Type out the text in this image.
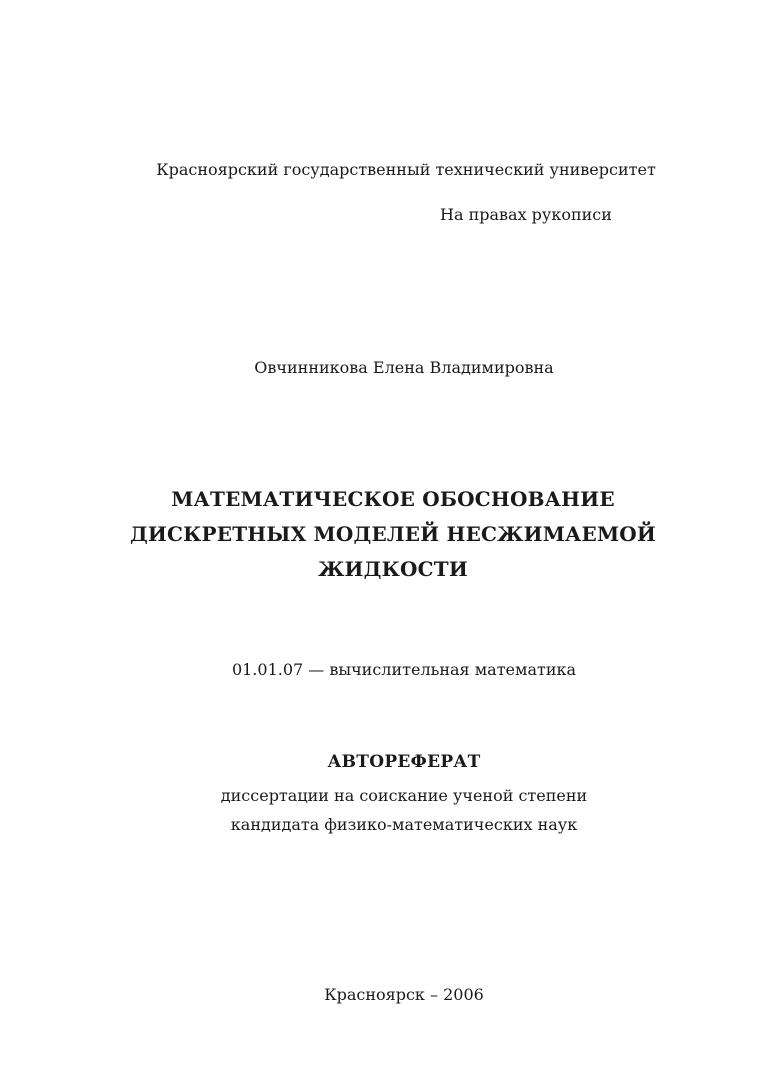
Красноярский государственный технический университет
На правах рукописи
Овчинникова Елена Владимировна
МАТЕМАТИЧЕСКОЕ ОБОСНОВАНИЕ
ДИСКРЕТНЫХ МОДЕЛЕЙ НЕСЖИМАЕМОЙ
ЖИДКОСТИ
01.01.07 — вычислительная математика
АВТОРЕФЕРАТ
диссертации на соискание ученой степени
кандидата физико-математических наук
Красноярск – 2006
